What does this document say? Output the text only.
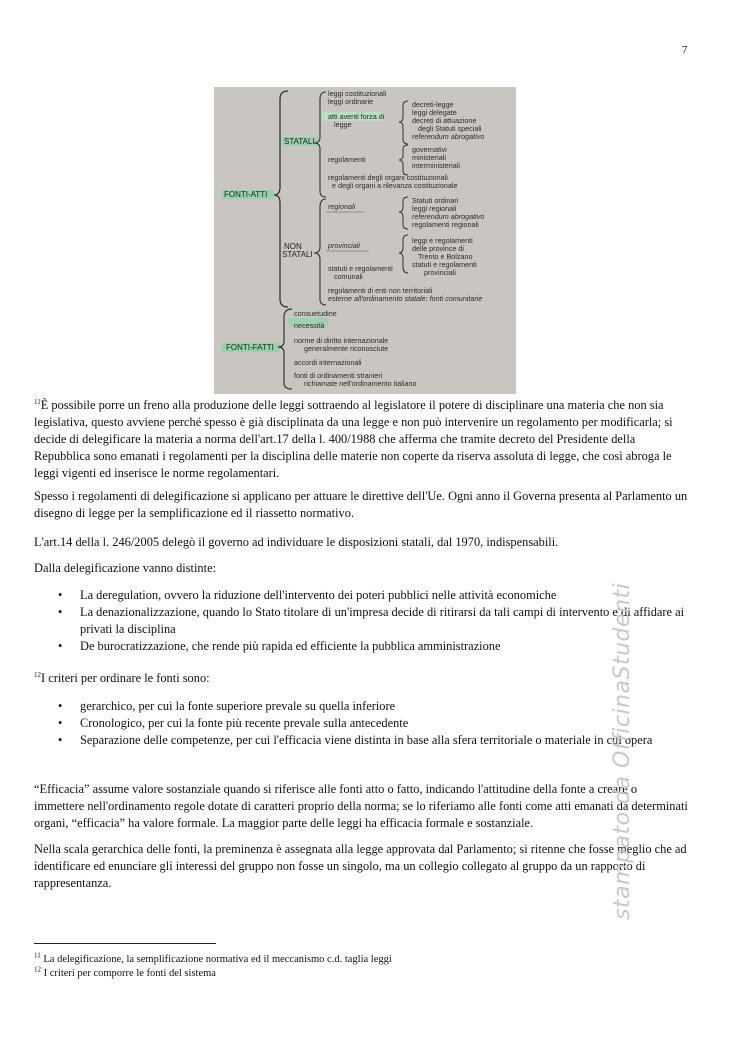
7
leggi costituzionali
leggi ordinarie
atti aventi forza di
legge
regolamenti
regolamenti degli organi costituzionali
e degli organi a rilevanza costituzionale
decreti-legge
leggi delegate
decreti di attuazione
degli Statuti speciali
referendum abrogativo
governativi
ministeriali
interministeriali
STATALI
FONTI-ATTI
NON
STATALI
regionali
Statuti ordinari
leggi regionali
referendum abrogativo
regolamenti regionali
provinciali
leggi e regolamenti
delle province di
Trento e Bolzano
statuti e regolamenti
provinciali
statuti e regolamenti
comunali
regolamenti di enti non territoriali
esterne all'ordinamento statale: fonti comunitarie
FONTI-FATTI
consuetudine
necessità
norme di diritto internazionale
generalmente riconosciute
accordi internazionali
fonti di ordinamenti stranieri
richiamate nell'ordinamento italiano

$^{11}$È possibile porre un freno alla produzione delle leggi sottraendo al legislatore il potere di disciplinare una materia che non sia legislativa, questo avviene perché spesso è già disciplinata da una legge e non può intervenire un regolamento per modificarla; si decide di delegificare la materia a norma dell'art.17 della l. 400/1988 che afferma che tramite decreto del Presidente della Repubblica sono emanati i regolamenti per la disciplina delle materie non coperte da riserva assoluta di legge, che così abroga le leggi vigenti ed inserisce le norme regolamentari.

Spesso i regolamenti di delegificazione si applicano per attuare le direttive dell'Ue. Ogni anno il Governa presenta al Parlamento un disegno di legge per la semplificazione ed il riassetto normativo.

L'art.14 della l. 246/2005 delegò il governo ad individuare le disposizioni statali, dal 1970, indispensabili.

Dalla delegificazione vanno distinte:

• La deregulation, ovvero la riduzione dell'intervento dei poteri pubblici nelle attività economiche
• La denazionalizzazione, quando lo Stato titolare di un'impresa decide di ritirarsi da tali campi di intervento e di affidare ai privati la disciplina
• De burocratizzazione, che rende più rapida ed efficiente la pubblica amministrazione

$^{12}$I criteri per ordinare le fonti sono:

• gerarchico, per cui la fonte superiore prevale su quella inferiore
• Cronologico, per cui la fonte più recente prevale sulla antecedente
• Separazione delle competenze, per cui l'efficacia viene distinta in base alla sfera territoriale o materiale in cui opera

“Efficacia” assume valore sostanziale quando si riferisce alle fonti atto o fatto, indicando l'attitudine della fonte a creare o immettere nell'ordinamento regole dotate di caratteri proprio della norma; se lo riferiamo alle fonti come atti emanati da determinati organi, “efficacia” ha valore formale. La maggior parte delle leggi ha efficacia formale e sostanziale.

Nella scala gerarchica delle fonti, la preminenza è assegnata alla legge approvata dal Parlamento; si ritenne che fosse meglio che ad identificare ed enunciare gli interessi del gruppo non fosse un singolo, ma un collegio collegato al gruppo da un rapporto di rappresentanza.

$^{11}$ La delegificazione, la semplificazione normativa ed il meccanismo c.d. taglia leggi
$^{12}$ I criteri per comporre le fonti del sistema
stampato da OfficinaStudenti
